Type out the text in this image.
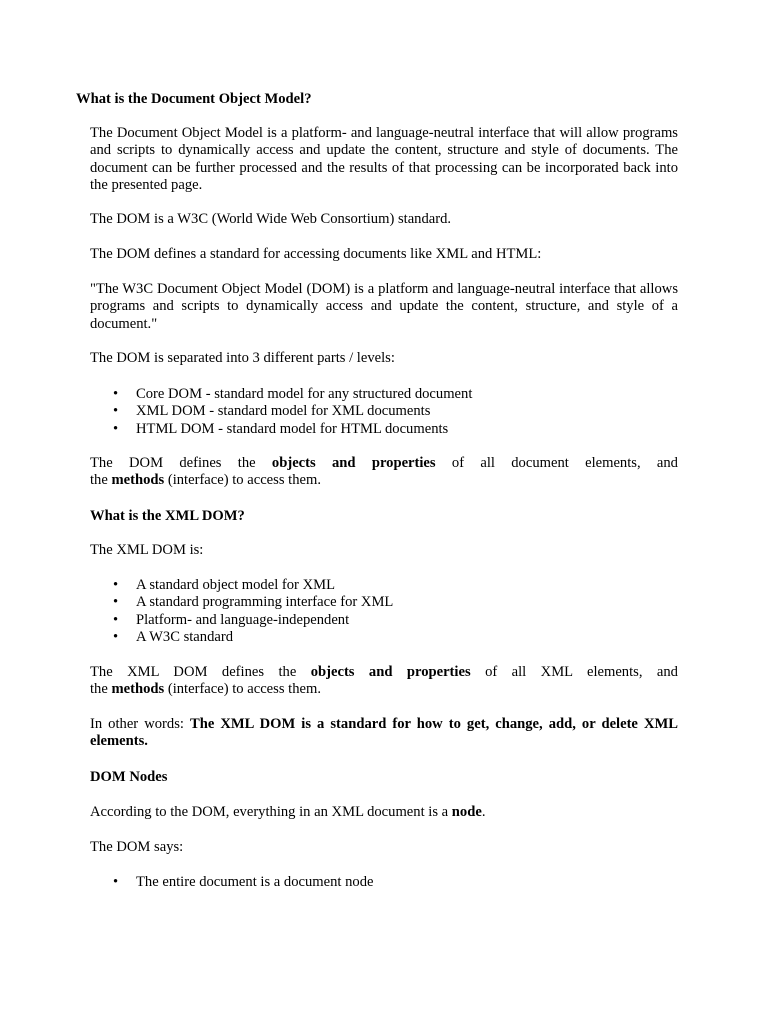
What is the Document Object Model?

The Document Object Model is a platform- and language-neutral interface that will allow programs and scripts to dynamically access and update the content, structure and style of documents. The document can be further processed and the results of that processing can be incorporated back into the presented page.

The DOM is a W3C (World Wide Web Consortium) standard.

The DOM defines a standard for accessing documents like XML and HTML:

"The W3C Document Object Model (DOM) is a platform and language-neutral interface that allows programs and scripts to dynamically access and update the content, structure, and style of a document."

The DOM is separated into 3 different parts / levels:

• Core DOM - standard model for any structured document
• XML DOM - standard model for XML documents
• HTML DOM - standard model for HTML documents
The DOM defines the objects and properties of all document elements, and
the methods (interface) to access them.

What is the XML DOM?

The XML DOM is:

• A standard object model for XML
• A standard programming interface for XML
• Platform- and language-independent
• A W3C standard
The XML DOM defines the objects and properties of all XML elements, and
the methods (interface) to access them.

In other words: The XML DOM is a standard for how to get, change, add, or delete XML elements.

DOM Nodes

According to the DOM, everything in an XML document is a node.

The DOM says:

• The entire document is a document node
